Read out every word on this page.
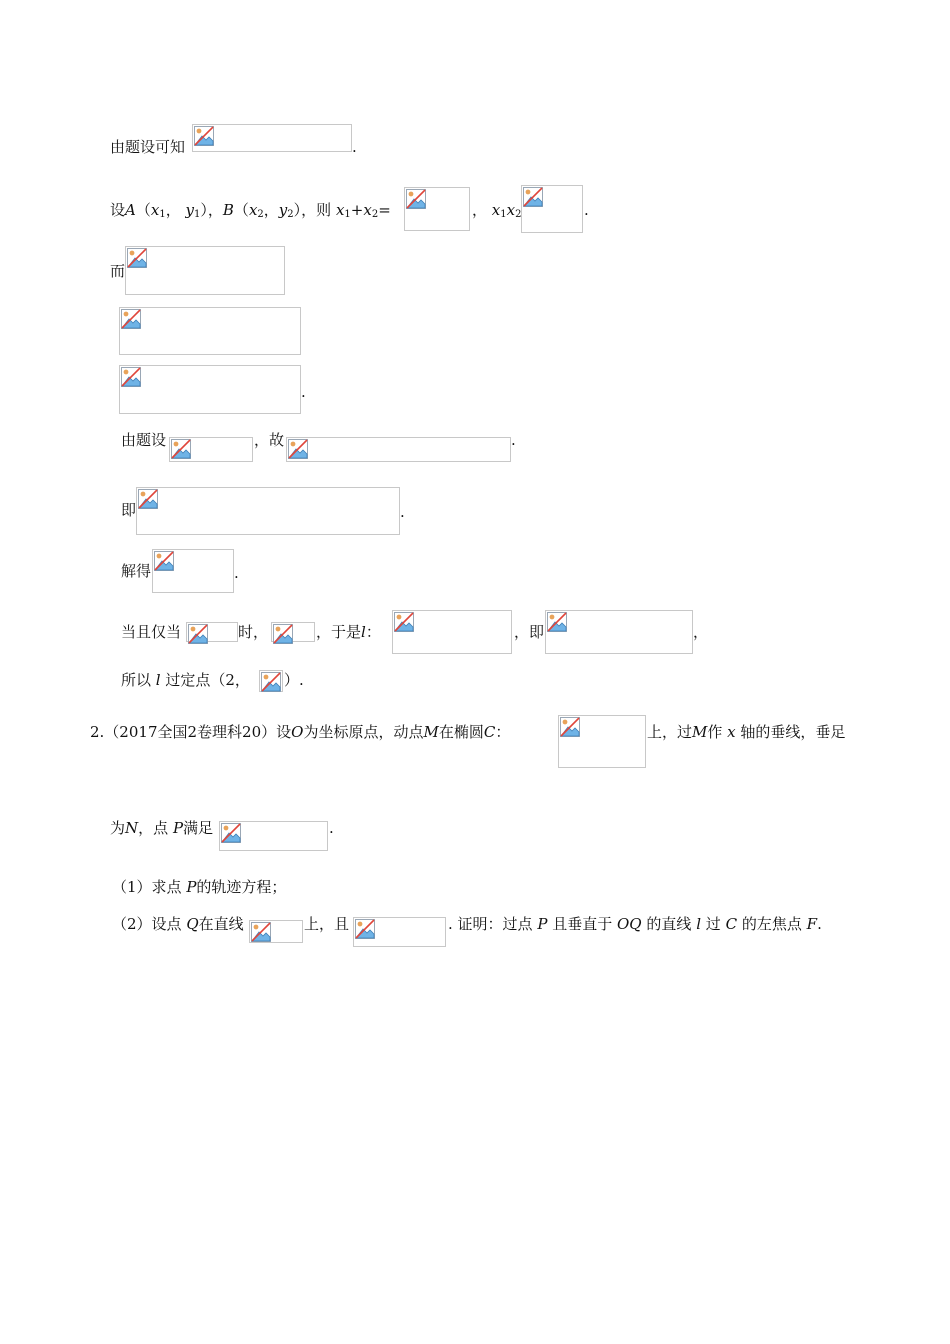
由题设可知	.
设$A(x_1$， $y_1$），$B(x_2$，$y_2$），则 $x_1+x_2=$	， $x_1x_2$	.
而
.
由题设	，故	.
即	.
解得	.
当且仅当	时，	，于是l：	，即	，
所以 l 过定点（2， ）.
2.（2017全国2卷理科20）设O为坐标原点，动点M在椭圆C：	上，过M作 x 轴的垂线，垂足
为N，点 P满足	.
（1）求点 P的轨迹方程；
（2）设点 Q在直线	上，且	. 证明：过点 P 且垂直于 OQ 的直线 l 过 C 的左焦点 F.
